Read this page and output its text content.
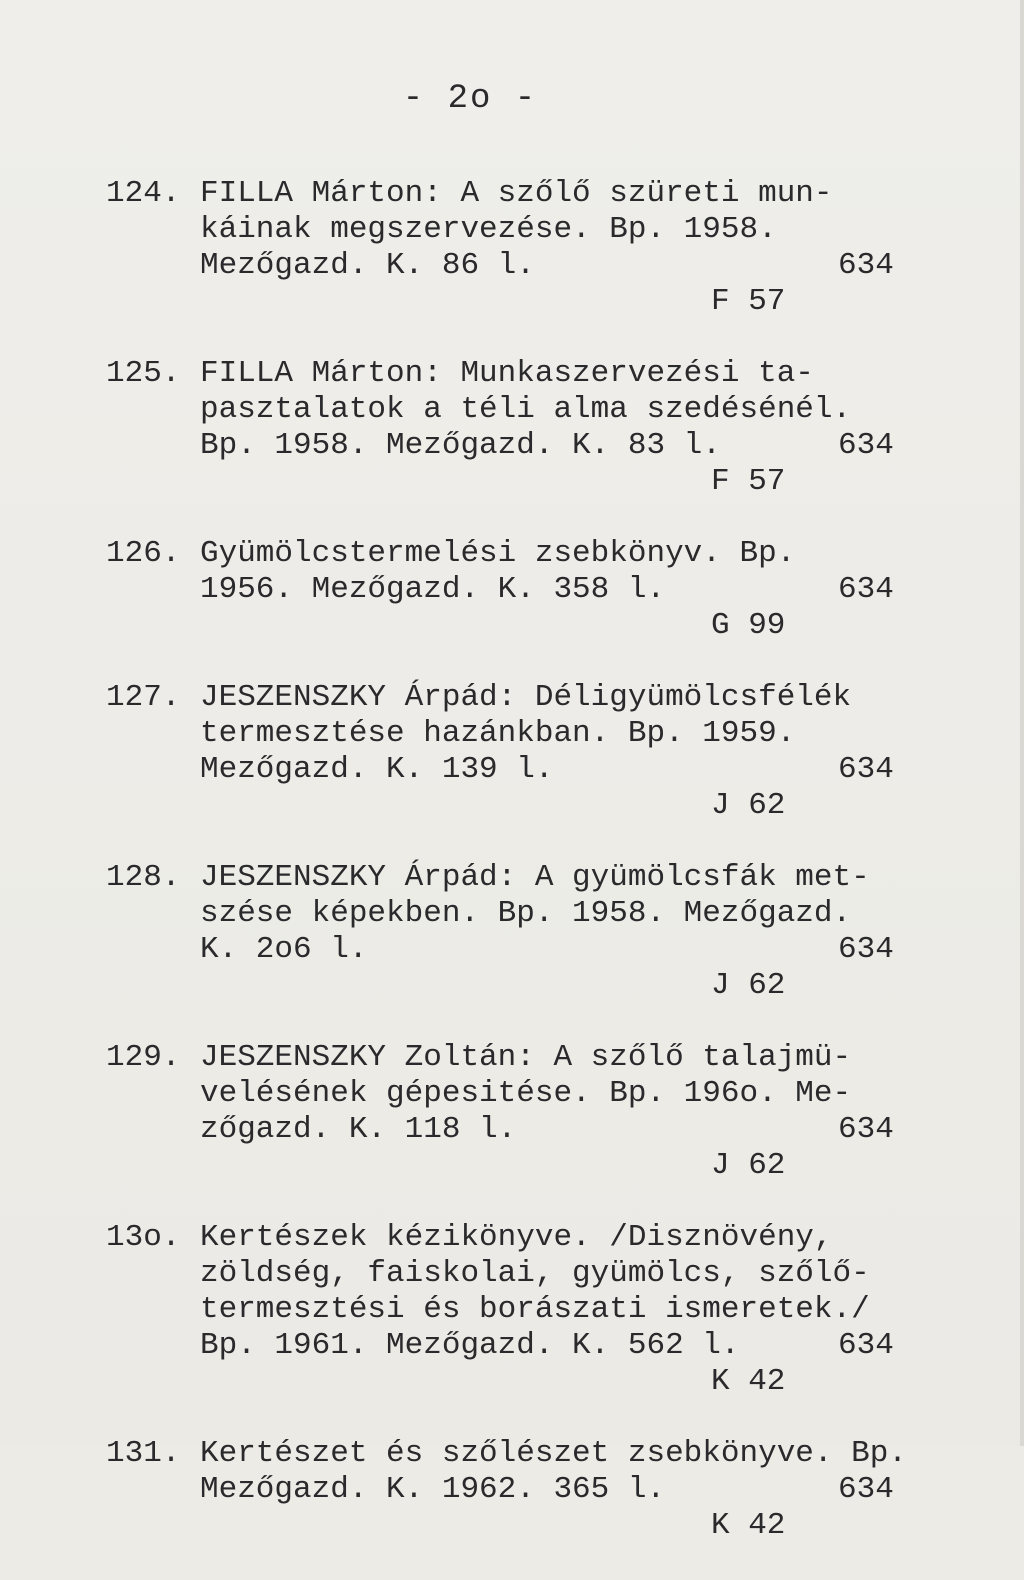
- 2o -
124. FILLA Márton: A szőlő szüreti mun-
káinak megszervezése. Bp. 1958.
Mezőgazd. K. 86 l.	634
F 57
125. FILLA Márton: Munkaszervezési ta-
pasztalatok a téli alma szedésénél.
Bp. 1958. Mezőgazd. K. 83 l.	634
F 57
126. Gyümölcstermelési zsebkönyv. Bp.
1956. Mezőgazd. K. 358 l.	634
G 99
127. JESZENSZKY Árpád: Déligyümölcsfélék
termesztése hazánkban. Bp. 1959.
Mezőgazd. K. 139 l.	634
J 62
128. JESZENSZKY Árpád: A gyümölcsfák met-
szése képekben. Bp. 1958. Mezőgazd.
K. 2o6 l.	634
J 62
129. JESZENSZKY Zoltán: A szőlő talajmü-
velésének gépesitése. Bp. 196o. Me-
zőgazd. K. 118 l.	634
J 62
13o. Kertészek kézikönyve. /Disznövény,
zöldség, faiskolai, gyümölcs, szőlő-
termesztési és borászati ismeretek./
Bp. 1961. Mezőgazd. K. 562 l.	634
K 42
131. Kertészet és szőlészet zsebkönyve. Bp.
Mezőgazd. K. 1962. 365 l.	634
K 42
